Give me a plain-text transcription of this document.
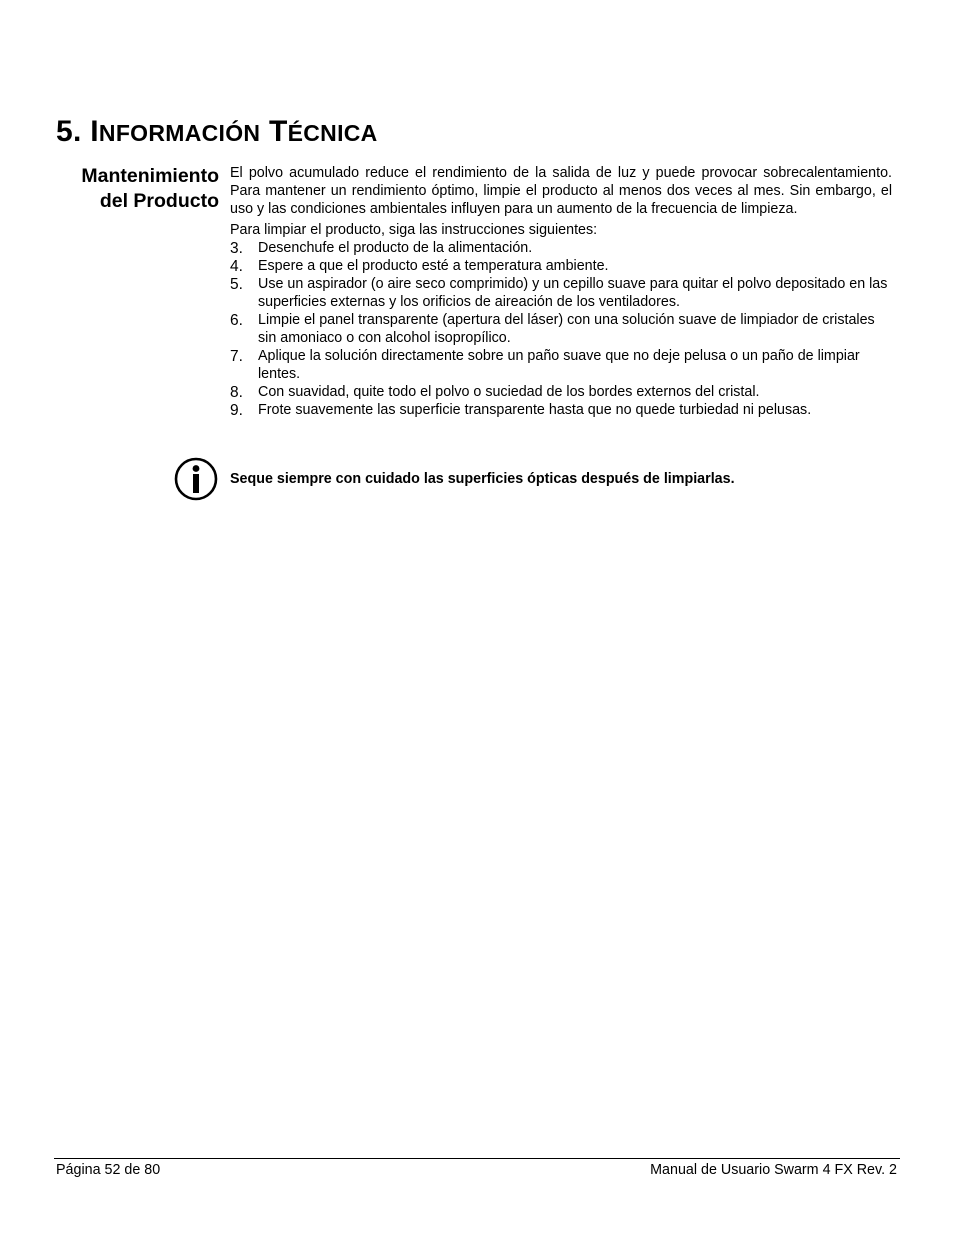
5. INFORMACIÓN TÉCNICA
Mantenimiento
del Producto

El polvo acumulado reduce el rendimiento de la salida de luz y puede provocar sobrecalentamiento. Para mantener un rendimiento óptimo, limpie el producto al menos dos veces al mes. Sin embargo, el uso y las condiciones ambientales influyen para un aumento de la frecuencia de limpieza.

Para limpiar el producto, siga las instrucciones siguientes:

3. Desenchufe el producto de la alimentación.
4. Espere a que el producto esté a temperatura ambiente.
5. Use un aspirador (o aire seco comprimido) y un cepillo suave para quitar el polvo depositado en las superficies externas y los orificios de aireación de los ventiladores.
6. Limpie el panel transparente (apertura del láser) con una solución suave de limpiador de cristales sin amoniaco o con alcohol isopropílico.
7. Aplique la solución directamente sobre un paño suave que no deje pelusa o un paño de limpiar lentes.
8. Con suavidad, quite todo el polvo o suciedad de los bordes externos del cristal.
9. Frote suavemente las superficie transparente hasta que no quede turbiedad ni pelusas.

Seque siempre con cuidado las superficies ópticas después de limpiarlas.

Página 52 de 80	Manual de Usuario Swarm 4 FX Rev. 2
